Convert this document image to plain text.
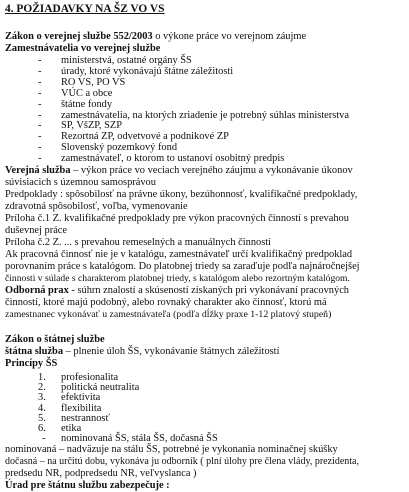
4. POŽIADAVKY NA ŠZ VO VS
Zákon o verejnej službe 552/2003 o výkone práce vo verejnom záujme
Zamestnávatelia vo verejnej službe
- ministerstvá, ostatné orgány ŠS
- úrady, ktoré vykonávajú štátne záležitosti
- RO VS, PO VS
- VÚC a obce
- štátne fondy
- zamestnávatelia, na ktorých zriadenie je potrebný súhlas ministerstva
- SP, VšZP, SZP
- Rezortná ZP, odvetvové a podnikové ZP
- Slovenský pozemkový fond
- zamestnávateľ, o ktorom to ustanoví osobitný predpis
Verejná služba – výkon práce vo veciach verejného záujmu a vykonávanie úkonov
súvisiacich s územnou samosprávou
Predpoklady : spôsobilosť na právne úkony, bezúhonnosť, kvalifikačné predpoklady,
zdravotná spôsobilosť, voľba, vymenovanie
Príloha č.1 Z. kvalifikačné predpoklady pre výkon pracovných činností s prevahou
duševnej práce
Príloha č.2 Z. ... s prevahou remeselných a manuálnych činností
Ak pracovná činnosť nie je v katalógu, zamestnávateľ určí kvalifikačný predpoklad
porovnaním práce s katalógom. Do platobnej triedy sa zaraďuje podľa najnáročnejšej
činnosti v súlade s charakterom platobnej triedy, s katalógom alebo rezortným katalógom.
Odborná prax - súhrn znalostí a skúseností získaných pri vykonávaní pracovných
činností, ktoré majú podobný, alebo rovnaký charakter ako činnosť, ktorú má
zamestnanec vykonávať u zamestnávateľa (podľa dĺžky praxe 1-12 platový stupeň)
Zákon o štátnej službe
štátna služba – plnenie úloh ŠS, vykonávanie štátnych záležitostí
Princípy ŠS
1. profesionalita
2. politická neutralita
3. efektivita
4. flexibilita
5. nestrannosť
6. etika
- nominovaná ŠS, stála ŠS, dočasná ŠS
nominovaná – nadväzuje na stálu ŠS, potrebné je vykonania nominačnej skúšky
dočasná – na určitú dobu, vykonáva ju odborník ( plní úlohy pre člena vlády, prezidenta,
predsedu NR, podpredsedu NR, veľvyslanca )
Úrad pre štátnu službu zabezpečuje :
